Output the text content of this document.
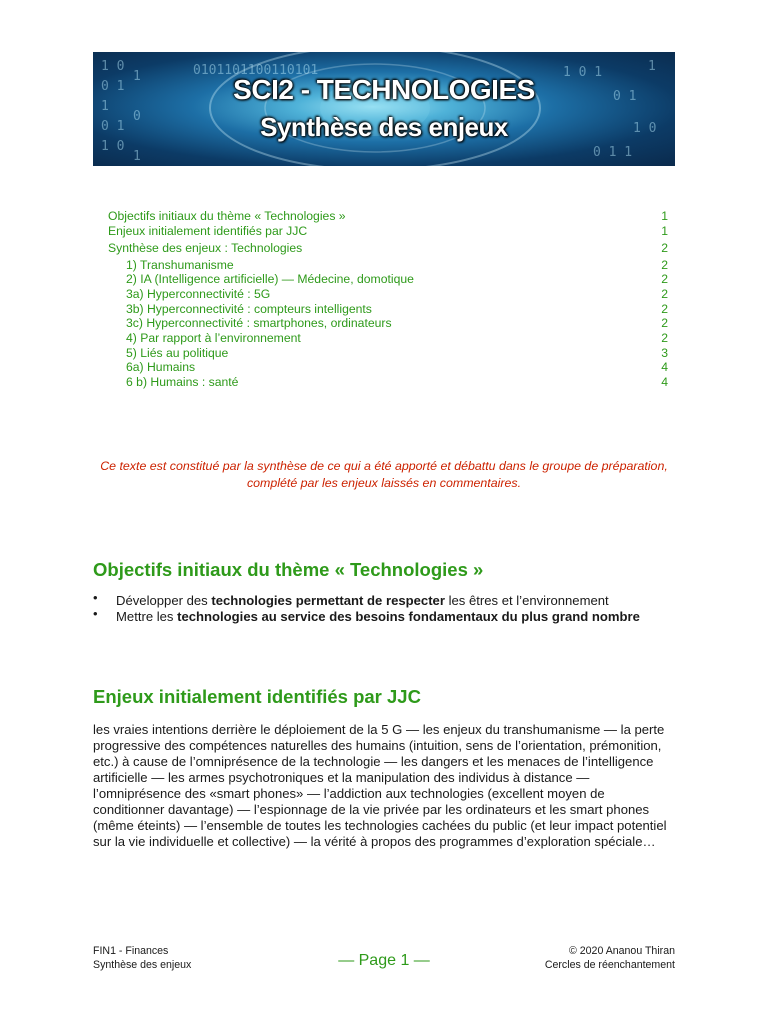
1 0
0 1
1
0 1
1 0
1
0
1
0101101100110101	1 0 1
0 1
1 0
0 1 1
1
SCI2 - TECHNOLOGIES
Synthèse des enjeux
Objectifs initiaux du thème « Technologies »	1
Enjeux initialement identifiés par JJC	1
Synthèse des enjeux : Technologies	2
1) Transhumanisme	2
2) IA (Intelligence artificielle) — Médecine, domotique	2
3a) Hyperconnectivité : 5G	2
3b) Hyperconnectivité : compteurs intelligents	2
3c) Hyperconnectivité : smartphones, ordinateurs	2
4) Par rapport à l’environnement	2
5) Liés au politique	3
6a) Humains	4
6 b) Humains : santé	4
Ce texte est constitué par la synthèse de ce qui a été apporté et débattu dans le groupe de préparation, complété par les enjeux laissés en commentaires.
Objectifs initiaux du thème « Technologies »
• Développer des technologies permettant de respecter les êtres et l’environnement
• Mettre les technologies au service des besoins fondamentaux du plus grand nombre
Enjeux initialement identifiés par JJC

les vraies intentions derrière le déploiement de la 5 G — les enjeux du transhumanisme — la perte progressive des compétences naturelles des humains (intuition, sens de l’orientation, prémonition, etc.) à cause de l’omniprésence de la technologie — les dangers et les menaces de l’intelligence artificielle — les armes psychotroniques et la manipulation des individus à distance — l’omniprésence des «smart phones» — l’addiction aux technologies (excellent moyen de conditionner davantage) — l’espionnage de la vie privée par les ordinateurs et les smart phones (même éteints) — l’ensemble de toutes les technologies cachées du public (et leur impact potentiel sur la vie individuelle et collective) — la vérité à propos des programmes d’exploration spéciale…

FIN1 - Finances
Synthèse des enjeux	— Page 1 —
© 2020 Ananou Thiran
Cercles de réenchantement
